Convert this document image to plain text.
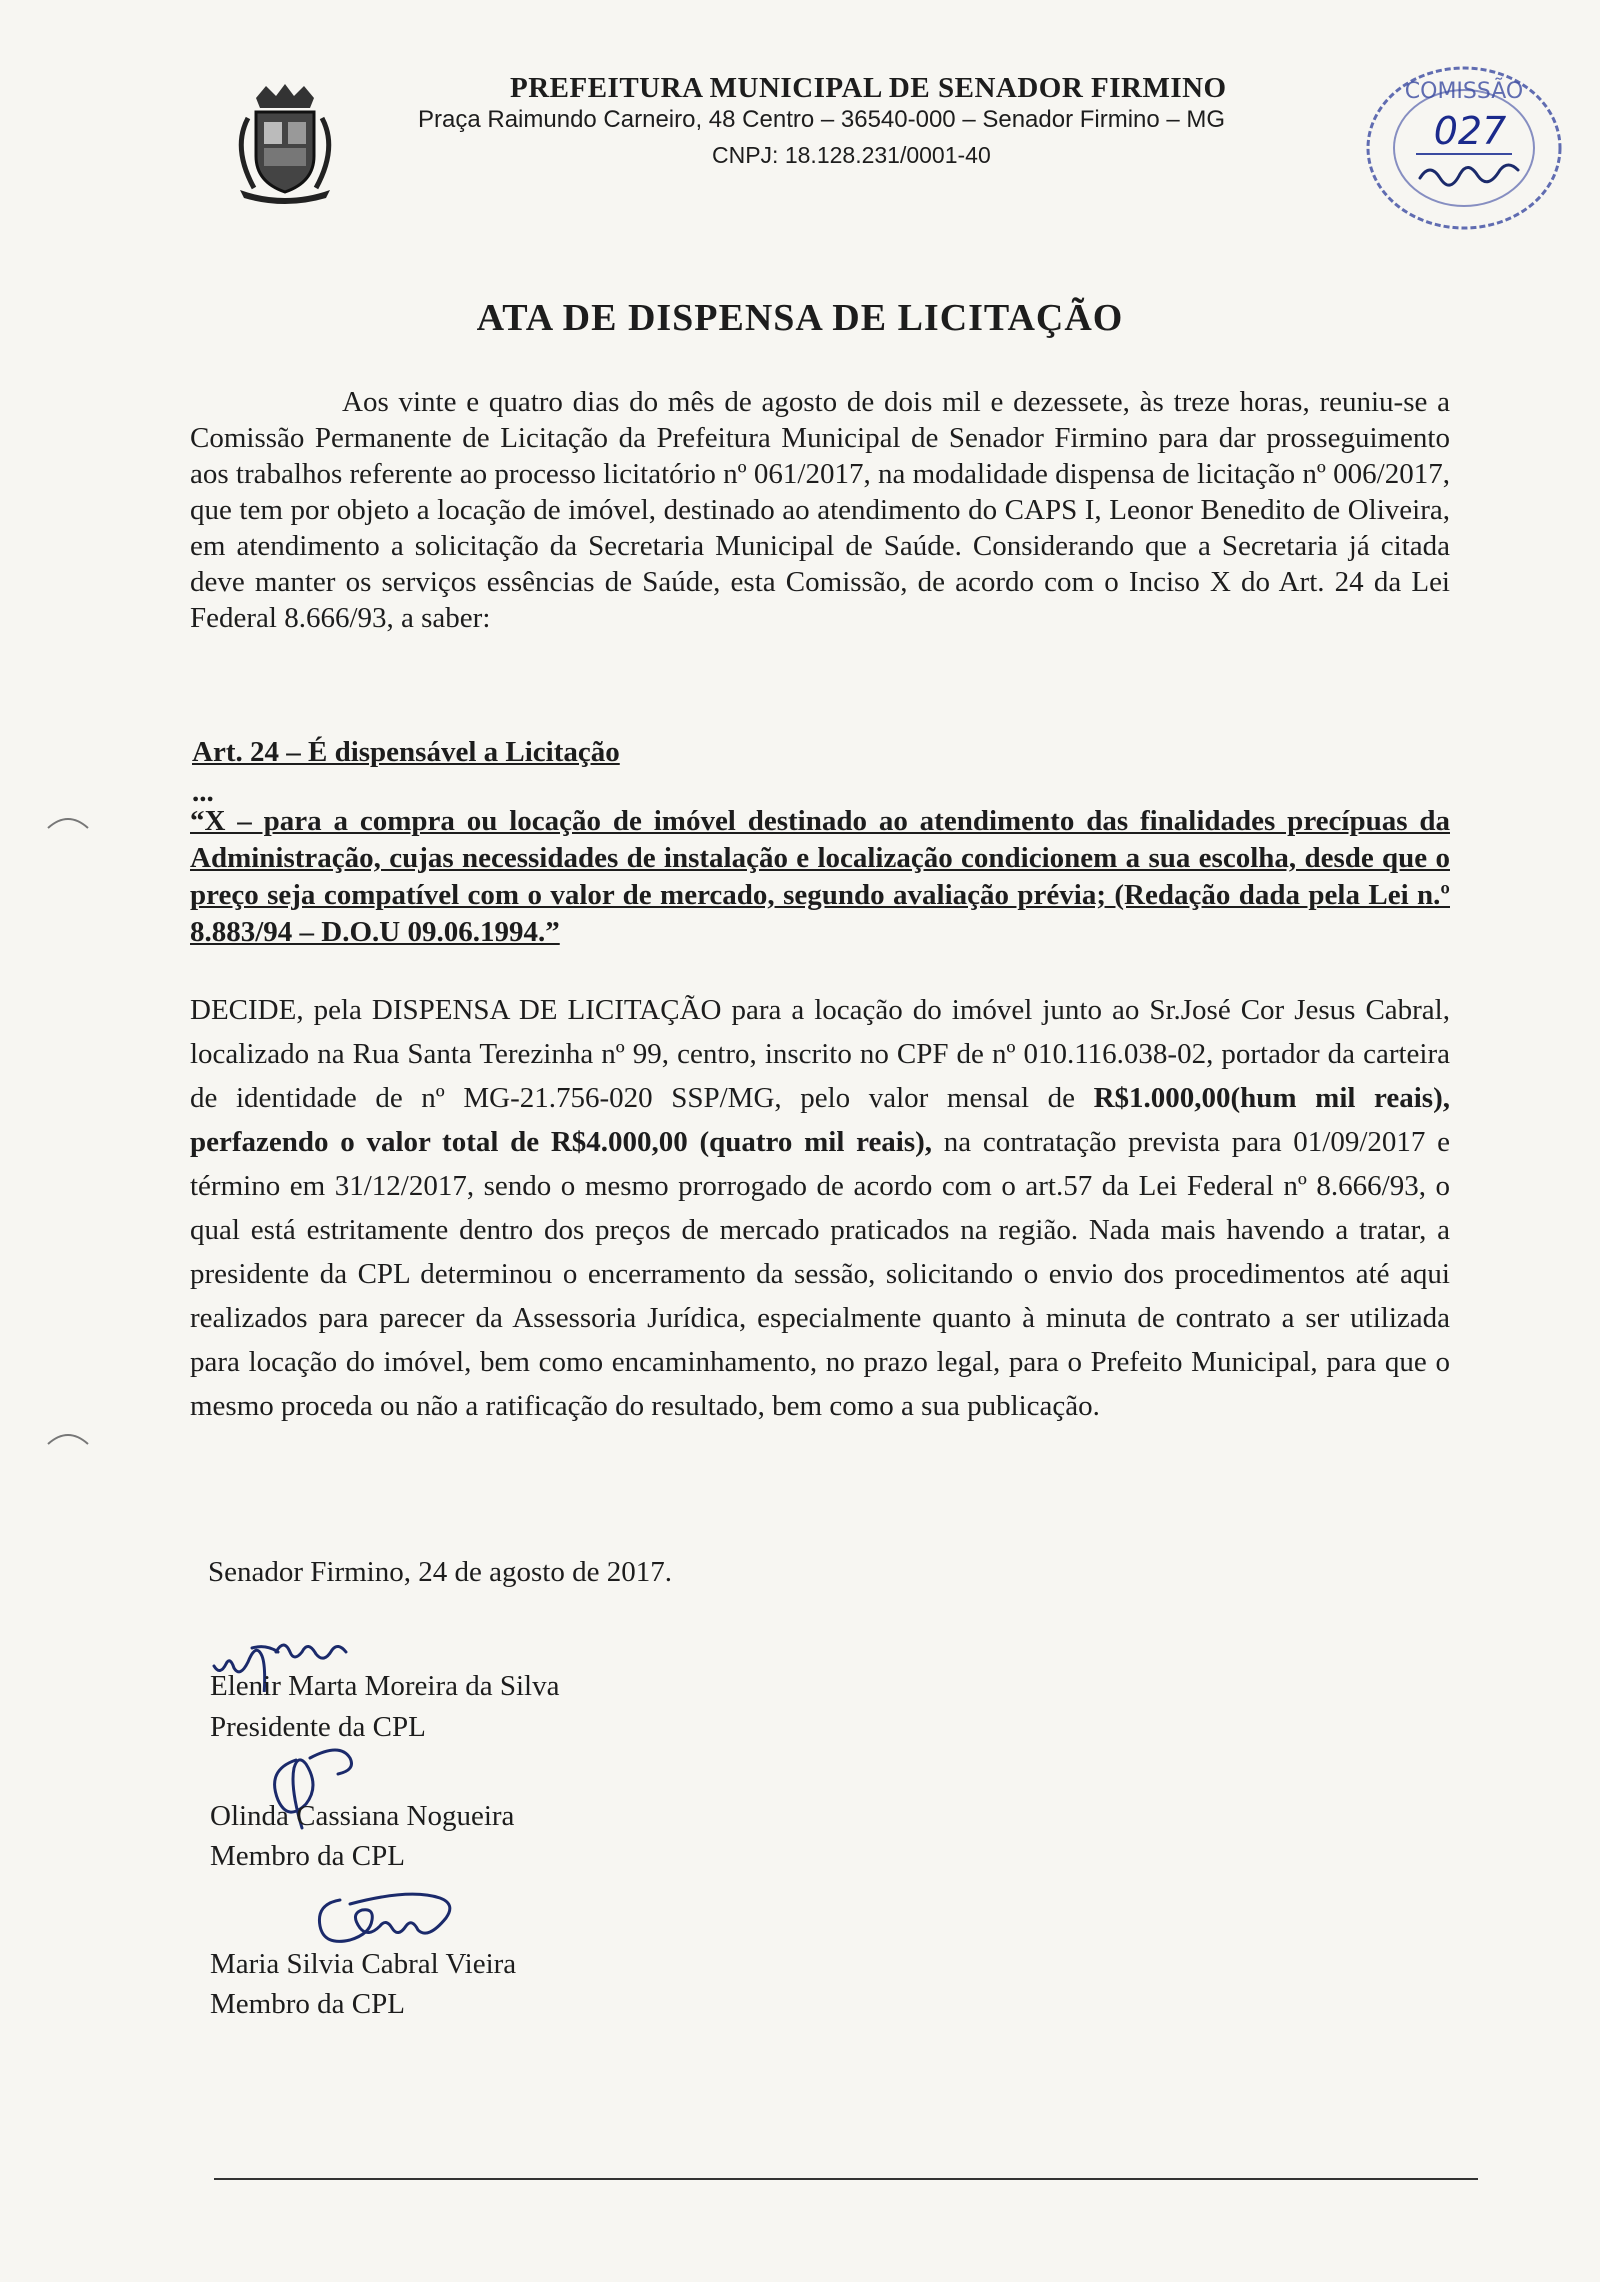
PREFEITURA MUNICIPAL DE SENADOR FIRMINO
Praça Raimundo Carneiro, 48 Centro – 36540-000 – Senador Firmino – MG
CNPJ: 18.128.231/0001-40
COMISSÃO
027
ATA DE DISPENSA DE LICITAÇÃO

Aos vinte e quatro dias do mês de agosto de dois mil e dezessete, às treze horas, reuniu-se a Comissão Permanente de Licitação da Prefeitura Municipal de Senador Firmino para dar prosseguimento aos trabalhos referente ao processo licitatório nº 061/2017, na modalidade dispensa de licitação nº 006/2017, que tem por objeto a locação de imóvel, destinado ao atendimento do CAPS I, Leonor Benedito de Oliveira, em atendimento a solicitação da Secretaria Municipal de Saúde. Considerando que a Secretaria já citada deve manter os serviços essências de Saúde, esta Comissão, de acordo com o Inciso X do Art. 24 da Lei Federal 8.666/93, a saber:

Art. 24 – É dispensável a Licitação
...

“X – para a compra ou locação de imóvel destinado ao atendimento das finalidades precípuas da Administração, cujas necessidades de instalação e localização condicionem a sua escolha, desde que o preço seja compatível com o valor de mercado, segundo avaliação prévia; (Redação dada pela Lei n.º 8.883/94 – D.O.U 09.06.1994.”

DECIDE, pela DISPENSA DE LICITAÇÃO para a locação do imóvel junto ao Sr.José Cor Jesus Cabral, localizado na Rua Santa Terezinha nº 99, centro, inscrito no CPF de nº 010.116.038-02, portador da carteira de identidade de nº MG-21.756-020 SSP/MG, pelo valor mensal de R$1.000,00(hum mil reais), perfazendo o valor total de R$4.000,00 (quatro mil reais), na contratação prevista para 01/09/2017 e término em 31/12/2017, sendo o mesmo prorrogado de acordo com o art.57 da Lei Federal nº 8.666/93, o qual está estritamente dentro dos preços de mercado praticados na região. Nada mais havendo a tratar, a presidente da CPL determinou o encerramento da sessão, solicitando o envio dos procedimentos até aqui realizados para parecer da Assessoria Jurídica, especialmente quanto à minuta de contrato a ser utilizada para locação do imóvel, bem como encaminhamento, no prazo legal, para o Prefeito Municipal, para que o mesmo proceda ou não a ratificação do resultado, bem como a sua publicação.

Senador Firmino, 24 de agosto de 2017.
Elenir Marta Moreira da Silva
Presidente da CPL
Olinda Cassiana Nogueira
Membro da CPL
Maria Silvia Cabral Vieira
Membro da CPL
